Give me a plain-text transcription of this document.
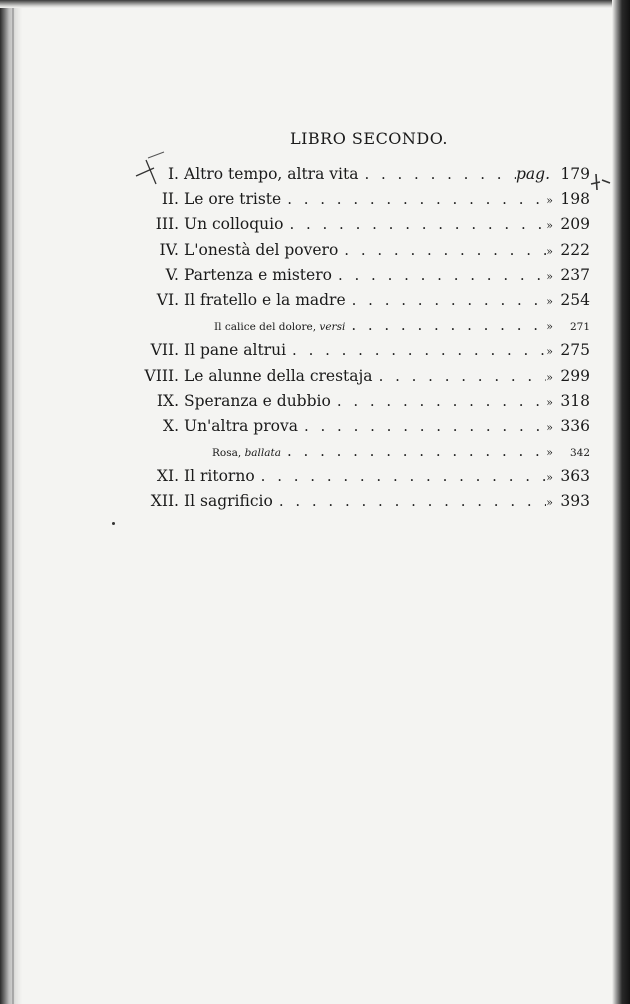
LIBRO SECONDO.
I. Altro tempo, altra vita . . .	pag. 179
II. Le ore triste . . .	» 198
III. Un colloquio . . .	» 209
IV. L'onestà del povero . . .	» 222
V. Partenza e mistero . . .	» 237
VI. Il fratello e la madre . . .	» 254
Il calice del dolore, versi . . .	»	271
VII. Il pane altrui . . .	» 275
VIII. Le alunne della crestaja . . .	» 299
IX. Speranza e dubbio . . .	» 318
X. Un'altra prova . . .	» 336
Rosa, ballata . . .	»	342
XI. Il ritorno . . .	» 363
XII. Il sagrificio . . .	» 393
